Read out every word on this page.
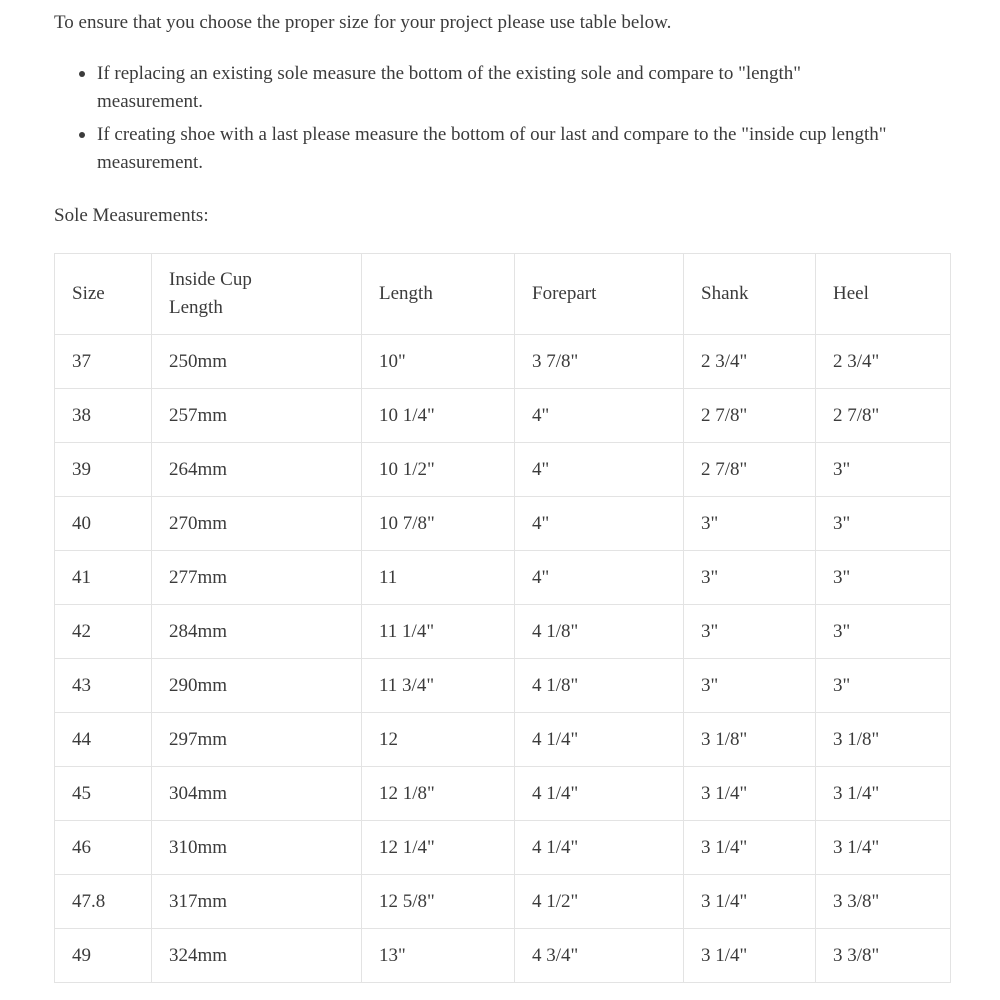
To ensure that you choose the proper size for your project please use table below.

If replacing an existing sole measure the bottom of the existing sole and compare to "length" measurement.
If creating shoe with a last please measure the bottom of our last and compare to the "inside cup length" measurement.

Sole Measurements:

Size	Inside Cup Length	Length	Forepart	Shank	Heel
37	250mm	10"	3 7/8"	2 3/4"	2 3/4"
38	257mm	10 1/4"	4"	2 7/8"	2 7/8"
39	264mm	10 1/2"	4"	2 7/8"	3"
40	270mm	10 7/8"	4"	3"	3"
41	277mm	11	4"	3"	3"
42	284mm	11 1/4"	4 1/8"	3"	3"
43	290mm	11 3/4"	4 1/8"	3"	3"
44	297mm	12	4 1/4"	3 1/8"	3 1/8"
45	304mm	12 1/8"	4 1/4"	3 1/4"	3 1/4"
46	310mm	12 1/4"	4 1/4"	3 1/4"	3 1/4"
47.8	317mm	12 5/8"	4 1/2"	3 1/4"	3 3/8"
49	324mm	13"	4 3/4"	3 1/4"	3 3/8"
